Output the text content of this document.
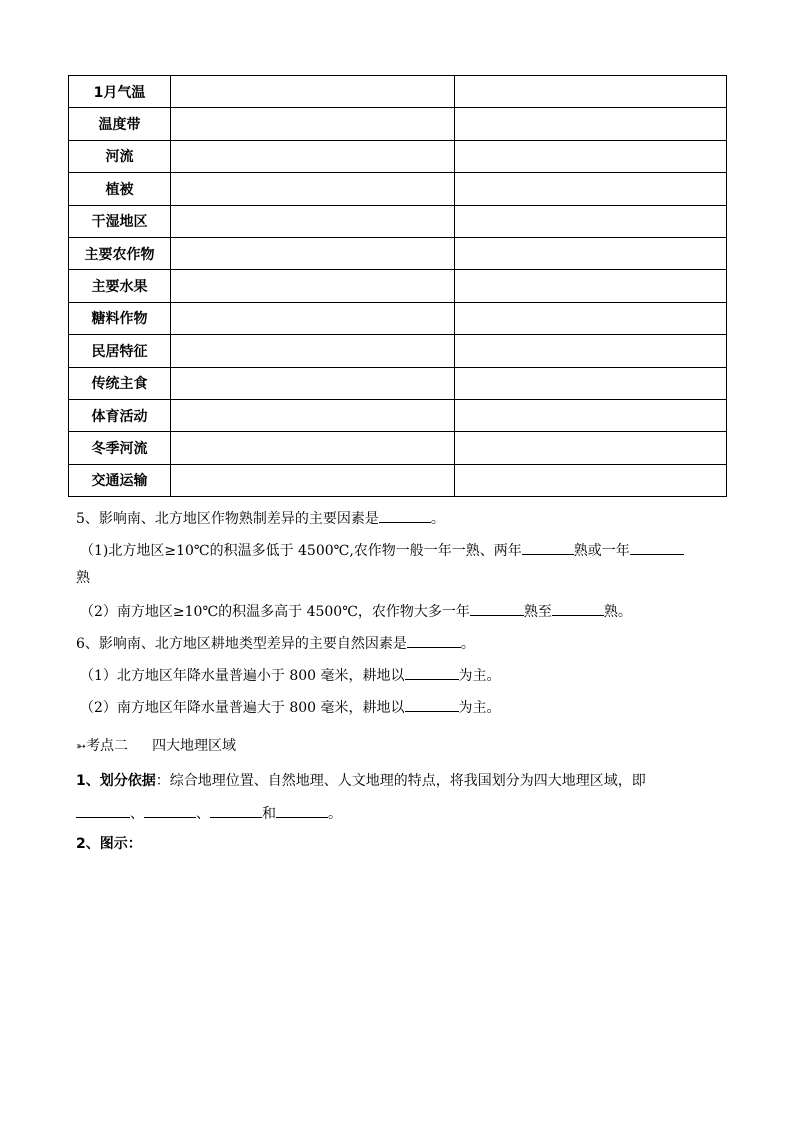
1月气温		
温度带		
河流		
植被		
干湿地区		
主要农作物		
主要水果		
糖料作物		
民居特征		
传统主食		
体育活动		
冬季河流		
交通运输		
5、影响南、北方地区作物熟制差异的主要因素是	。
（1)北方地区≥10℃的积温多低于 4500℃,农作物一般一年一熟、两年	熟或一年
熟
（2）南方地区≥10℃的积温多高于 4500℃，农作物大多一年	熟至	熟。
6、影响南、北方地区耕地类型差异的主要自然因素是	。
（1）北方地区年降水量普遍小于 800 毫米，耕地以	为主。
（2）南方地区年降水量普遍大于 800 毫米，耕地以	为主。
➳考点二 四大地理区域
1、划分依据：综合地理位置、自然地理、人文地理的特点，将我国划分为四大地理区域，即
、	、	和	。
2、图示：
